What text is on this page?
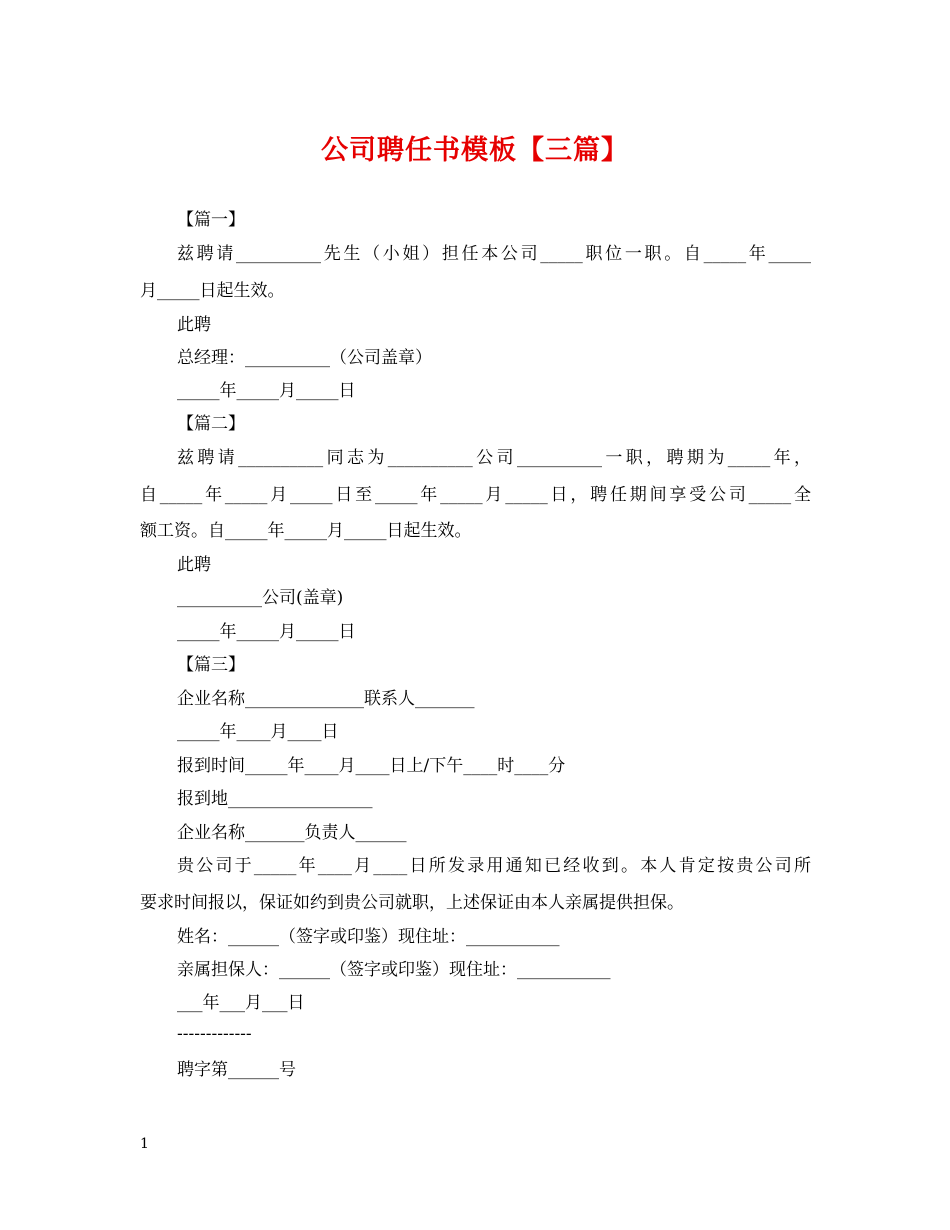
公司聘任书模板【三篇】
【篇一】
兹聘请__________先生（小姐）担任本公司_____职位一职。自_____年_____
月_____日起生效。
此聘
总经理：__________（公司盖章）
_____年_____月_____日
【篇二】
兹聘请__________同志为__________公司__________一职，聘期为_____年，
自_____年_____月_____日至_____年_____月_____日，聘任期间享受公司_____全
额工资。自_____年_____月_____日起生效。
此聘
__________公司(盖章)
_____年_____月_____日
【篇三】
企业名称______________联系人_______
_____年____月____日
报到时间_____年____月____日上/下午____时____分
报到地_________________
企业名称_______负责人______
贵公司于_____年____月____日所发录用通知已经收到。本人肯定按贵公司所
要求时间报以，保证如约到贵公司就职，上述保证由本人亲属提供担保。
姓名：______（签字或印鉴）现住址：___________
亲属担保人：______（签字或印鉴）现住址：___________
___年___月___日
-------------
聘字第______号
1
